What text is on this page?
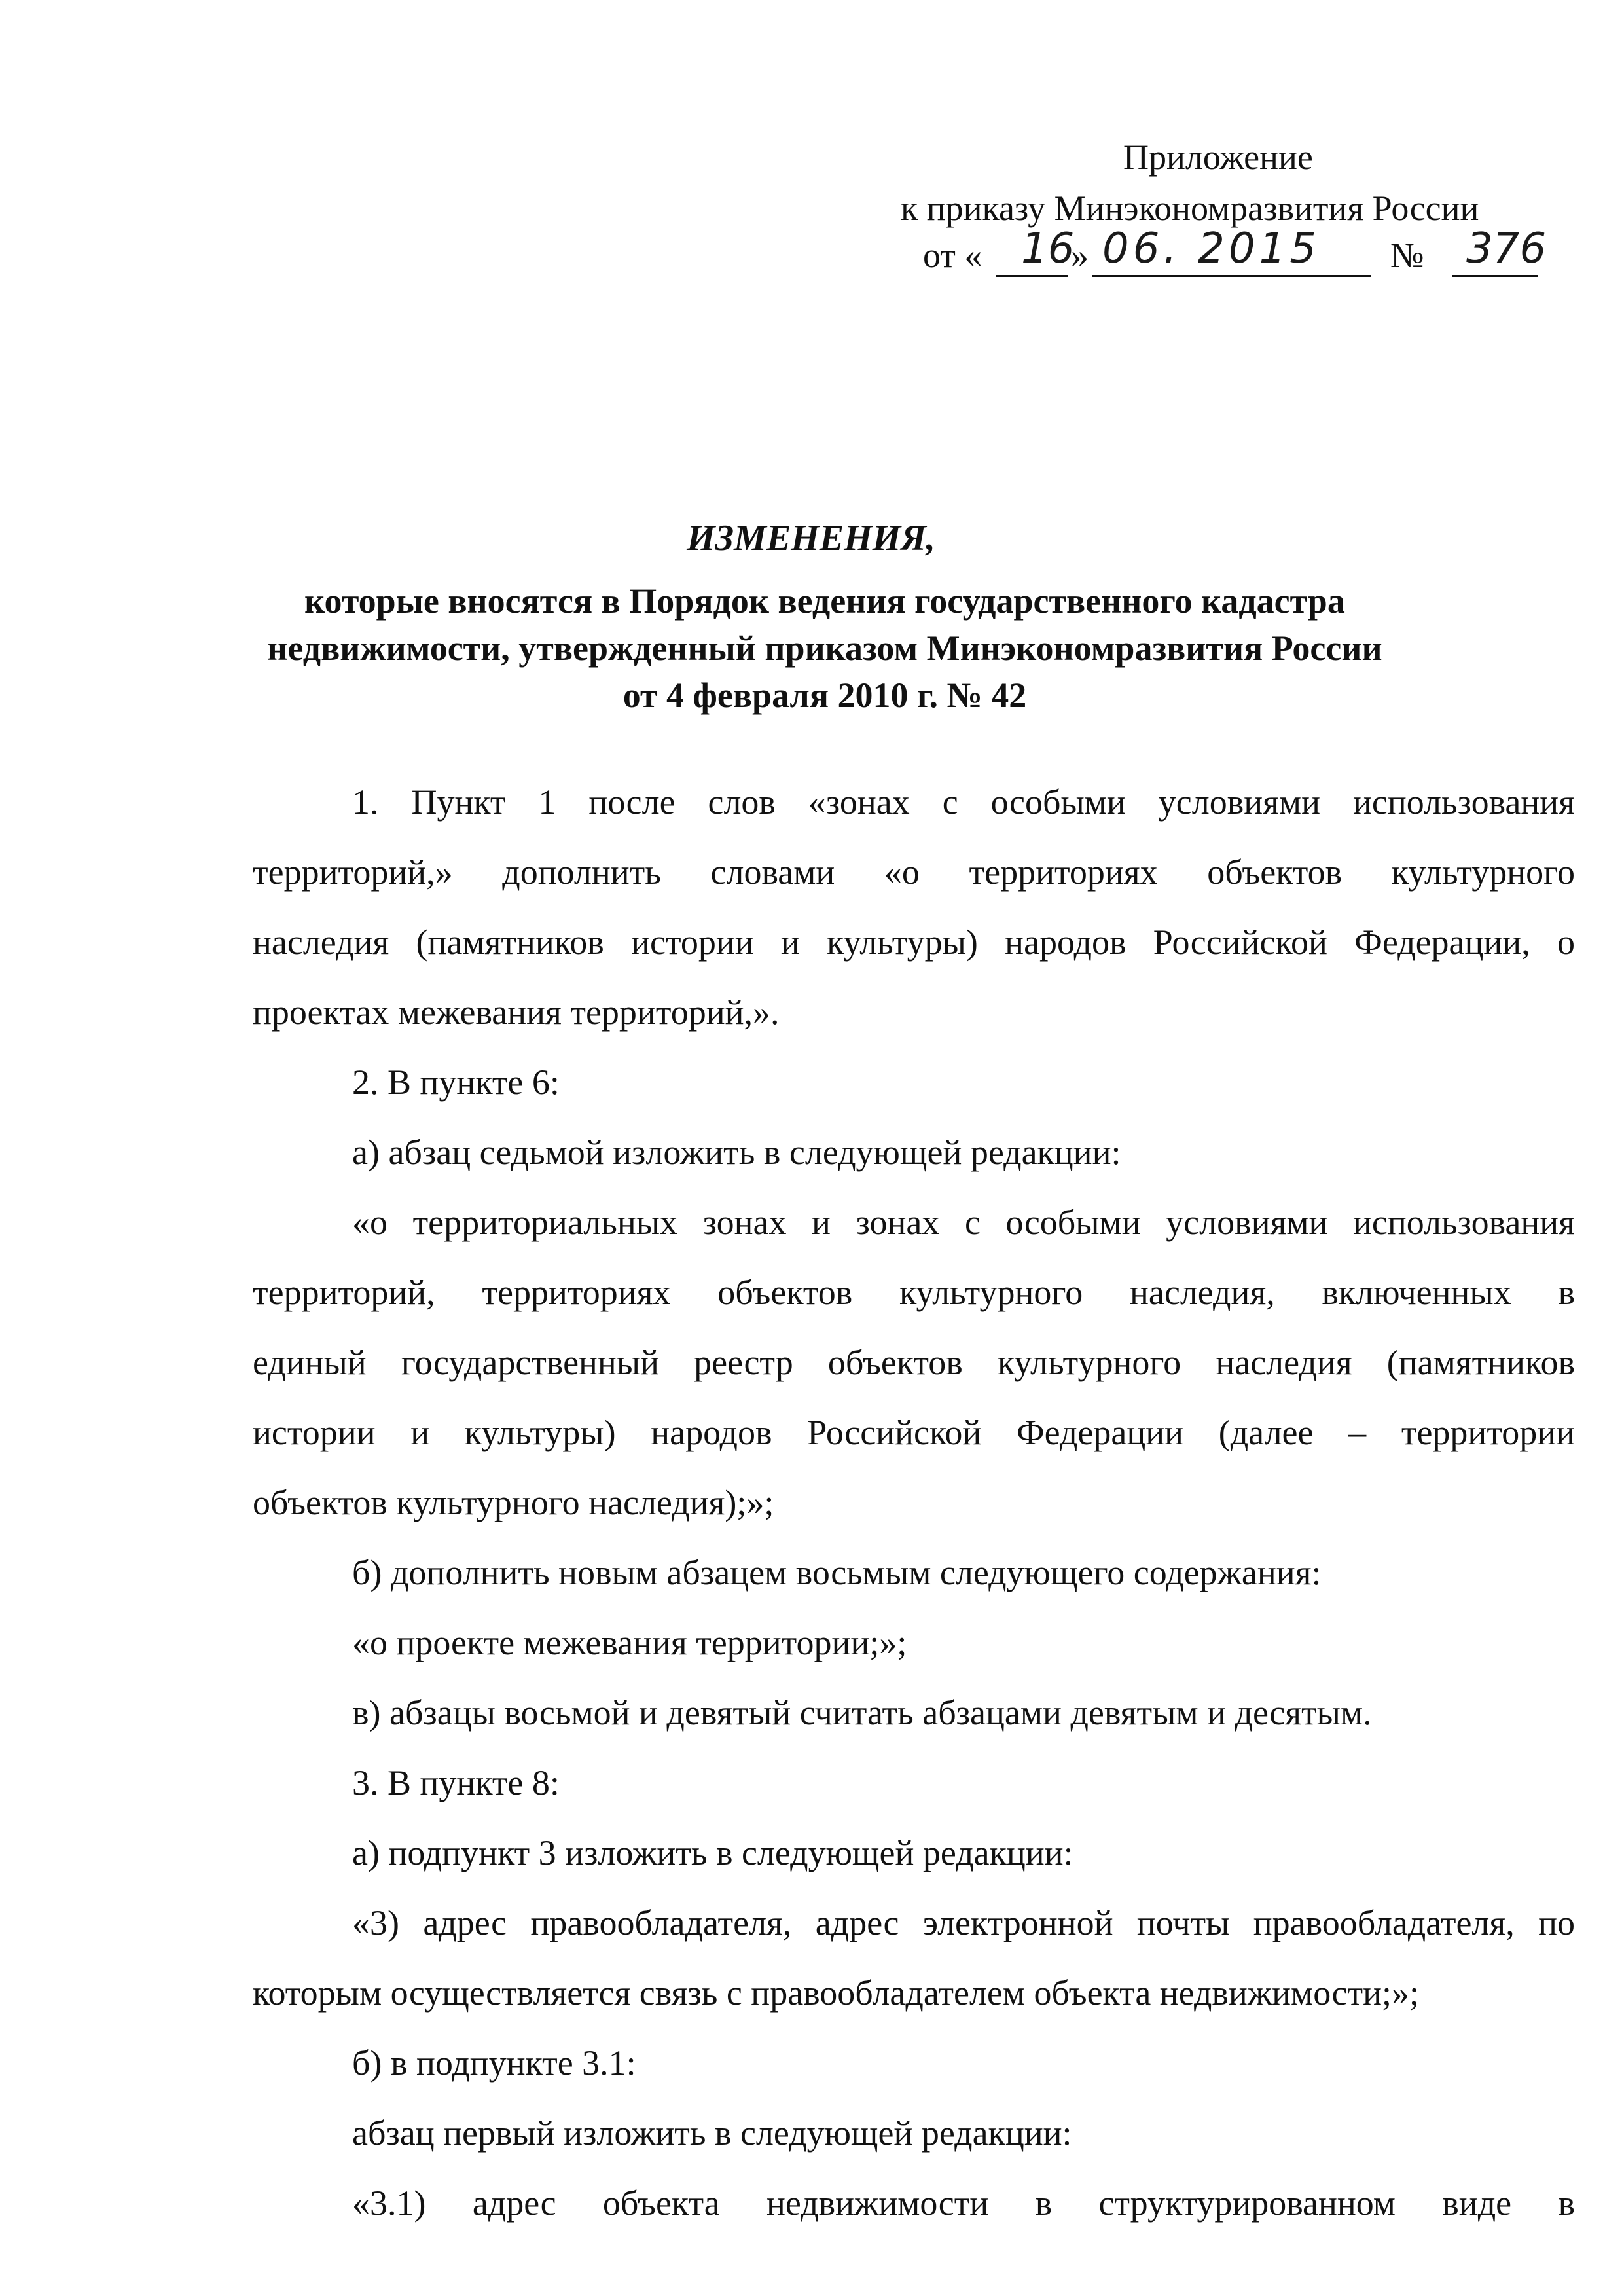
Приложение
к приказу Минэкономразвития России
от « 16
» 06. 2015 № 376
ИЗМЕНЕНИЯ,
которые вносятся в Порядок ведения государственного кадастра
недвижимости, утвержденный приказом Минэкономразвития России
от 4 февраля 2010 г. № 42
1. Пункт 1 после слов «зонах с особыми условиями использования
территорий,» дополнить словами «о территориях объектов культурного
наследия (памятников истории и культуры) народов Российской Федерации, о
проектах межевания территорий,».
2. В пункте 6:
а) абзац седьмой изложить в следующей редакции:
«о территориальных зонах и зонах с особыми условиями использования
территорий, территориях объектов культурного наследия, включенных в
единый государственный реестр объектов культурного наследия (памятников
истории и культуры) народов Российской Федерации (далее – территории
объектов культурного наследия);»;
б) дополнить новым абзацем восьмым следующего содержания:
«о проекте межевания территории;»;
в) абзацы восьмой и девятый считать абзацами девятым и десятым.
3. В пункте 8:
а) подпункт 3 изложить в следующей редакции:
«3) адрес правообладателя, адрес электронной почты правообладателя, по
которым осуществляется связь с правообладателем объекта недвижимости;»;
б) в подпункте 3.1:
абзац первый изложить в следующей редакции:
«3.1) адрес объекта недвижимости в структурированном виде в
